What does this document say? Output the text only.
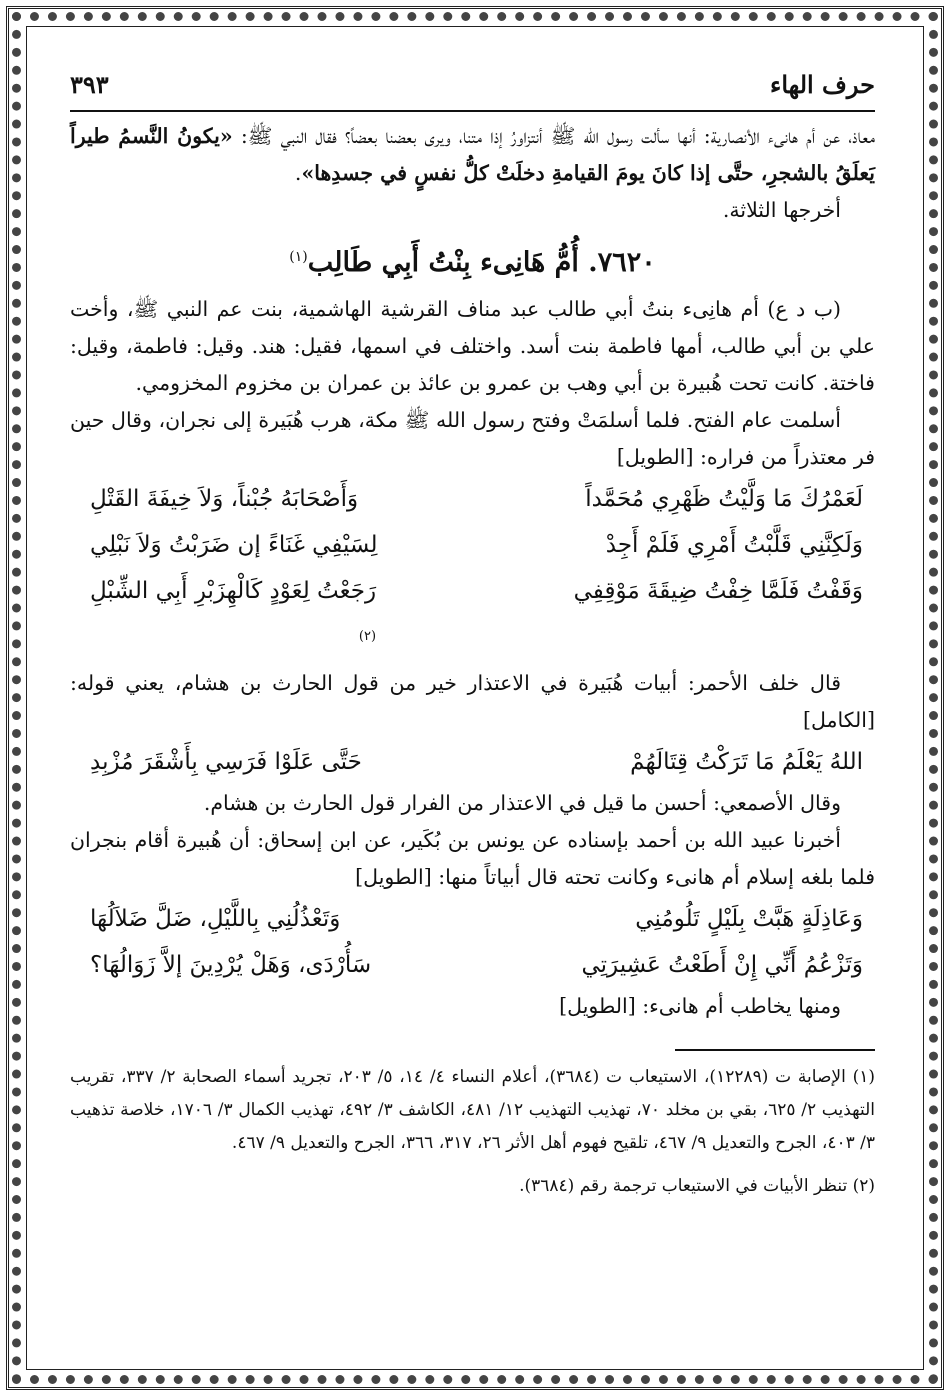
حرف الهاء
٣٩٣

معاذ، عن أم هانىء الأنصارية: أنها سألت رسول الله ﷺ أنتزاورُ إذا متنا، ويرى بعضنا بعضاً؟ فقال النبي ﷺ: «يكونُ النَّسمُ طيراً يَعلَقُ بالشجرِ، حتَّى إذا كانَ يومَ القيامةِ دخلَتْ كلُّ نفسٍ في جسدِها».

أخرجها الثلاثة.

٧٦٢٠. أُمُّ هَانِىء بِنْتُ أَبِي طَالِب$^{(١)}$

(ب د ع) أم هانِىء بنتُ أبي طالب عبد مناف القرشية الهاشمية، بنت عم النبي ﷺ، وأخت علي بن أبي طالب، أمها فاطمة بنت أسد. واختلف في اسمها، فقيل: هند. وقيل: فاطمة، وقيل: فاختة. كانت تحت هُبيرة بن أبي وهب بن عمرو بن عائذ بن عمران بن مخزوم المخزومي.

أسلمت عام الفتح. فلما أسلمَتْ وفتح رسول الله ﷺ مكة، هرب هُبَيرة إلى نجران، وقال حين فر معتذراً من فراره: [الطويل]

لَعَمْرُكَ مَا وَلَّيْتُ ظَهْرِي مُحَمَّداً
وَأَصْحَابَهُ جُبْناً، وَلاَ خِيفَةَ القَتْلِ
وَلَكِنَّنِي قَلَّبْتُ أَمْرِي فَلَمْ أَجِدْ
لِسَيْفِي غَنَاءً إن ضَرَبْتُ وَلاَ نَبْلِي
وَقَفْتُ فَلَمَّا خِفْتُ ضِيقَةَ مَوْقِفِي
رَجَعْتُ لِعَوْدٍ كَالْهِزَبْرِ أَبِي الشِّبْلِ
$^{(٢)}$

قال خلف الأحمر: أبيات هُبَيرة في الاعتذار خير من قول الحارث بن هشام، يعني قوله: [الكامل]

اللهُ يَعْلَمُ مَا تَرَكْتُ قِتَالَهُمْ
حَتَّى عَلَوْا فَرَسِي بِأَشْقَرَ مُزْبِدِ

وقال الأصمعي: أحسن ما قيل في الاعتذار من الفرار قول الحارث بن هشام.

أخبرنا عبيد الله بن أحمد بإسناده عن يونس بن بُكَير، عن ابن إسحاق: أن هُبيرة أقام بنجران فلما بلغه إسلام أم هانىء وكانت تحته قال أبياتاً منها: [الطويل]

وَعَاذِلَةٍ هَبَّتْ بِلَيْلٍ تَلُومُنِي
وَتَعْذُلُنِي بِاللَّيْلِ، ضَلَّ ضَلاَلُهَا
وَتَزْعُمُ أَنِّي إِنْ أَطَعْتُ عَشِيرَتِي
سَأُرْدَى، وَهَلْ يُرْدِينَ إلاَّ زَوَالُهَا؟

ومنها يخاطب أم هانىء: [الطويل]

(١) الإصابة ت (١٢٢٨٩)، الاستيعاب ت (٣٦٨٤)، أعلام النساء ٤/ ١٤، ٥/ ٢٠٣، تجريد أسماء الصحابة ٢/ ٣٣٧، تقريب التهذيب ٢/ ٦٢٥، بقي بن مخلد ٧٠، تهذيب التهذيب ١٢/ ٤٨١، الكاشف ٣/ ٤٩٢، تهذيب الكمال ٣/ ١٧٠٦، خلاصة تذهيب ٣/ ٤٠٣، الجرح والتعديل ٩/ ٤٦٧، تلقيح فهوم أهل الأثر ٢٦، ٣١٧، ٣٦٦، الجرح والتعديل ٩/ ٤٦٧.

(٢) تنظر الأبيات في الاستيعاب ترجمة رقم (٣٦٨٤).
